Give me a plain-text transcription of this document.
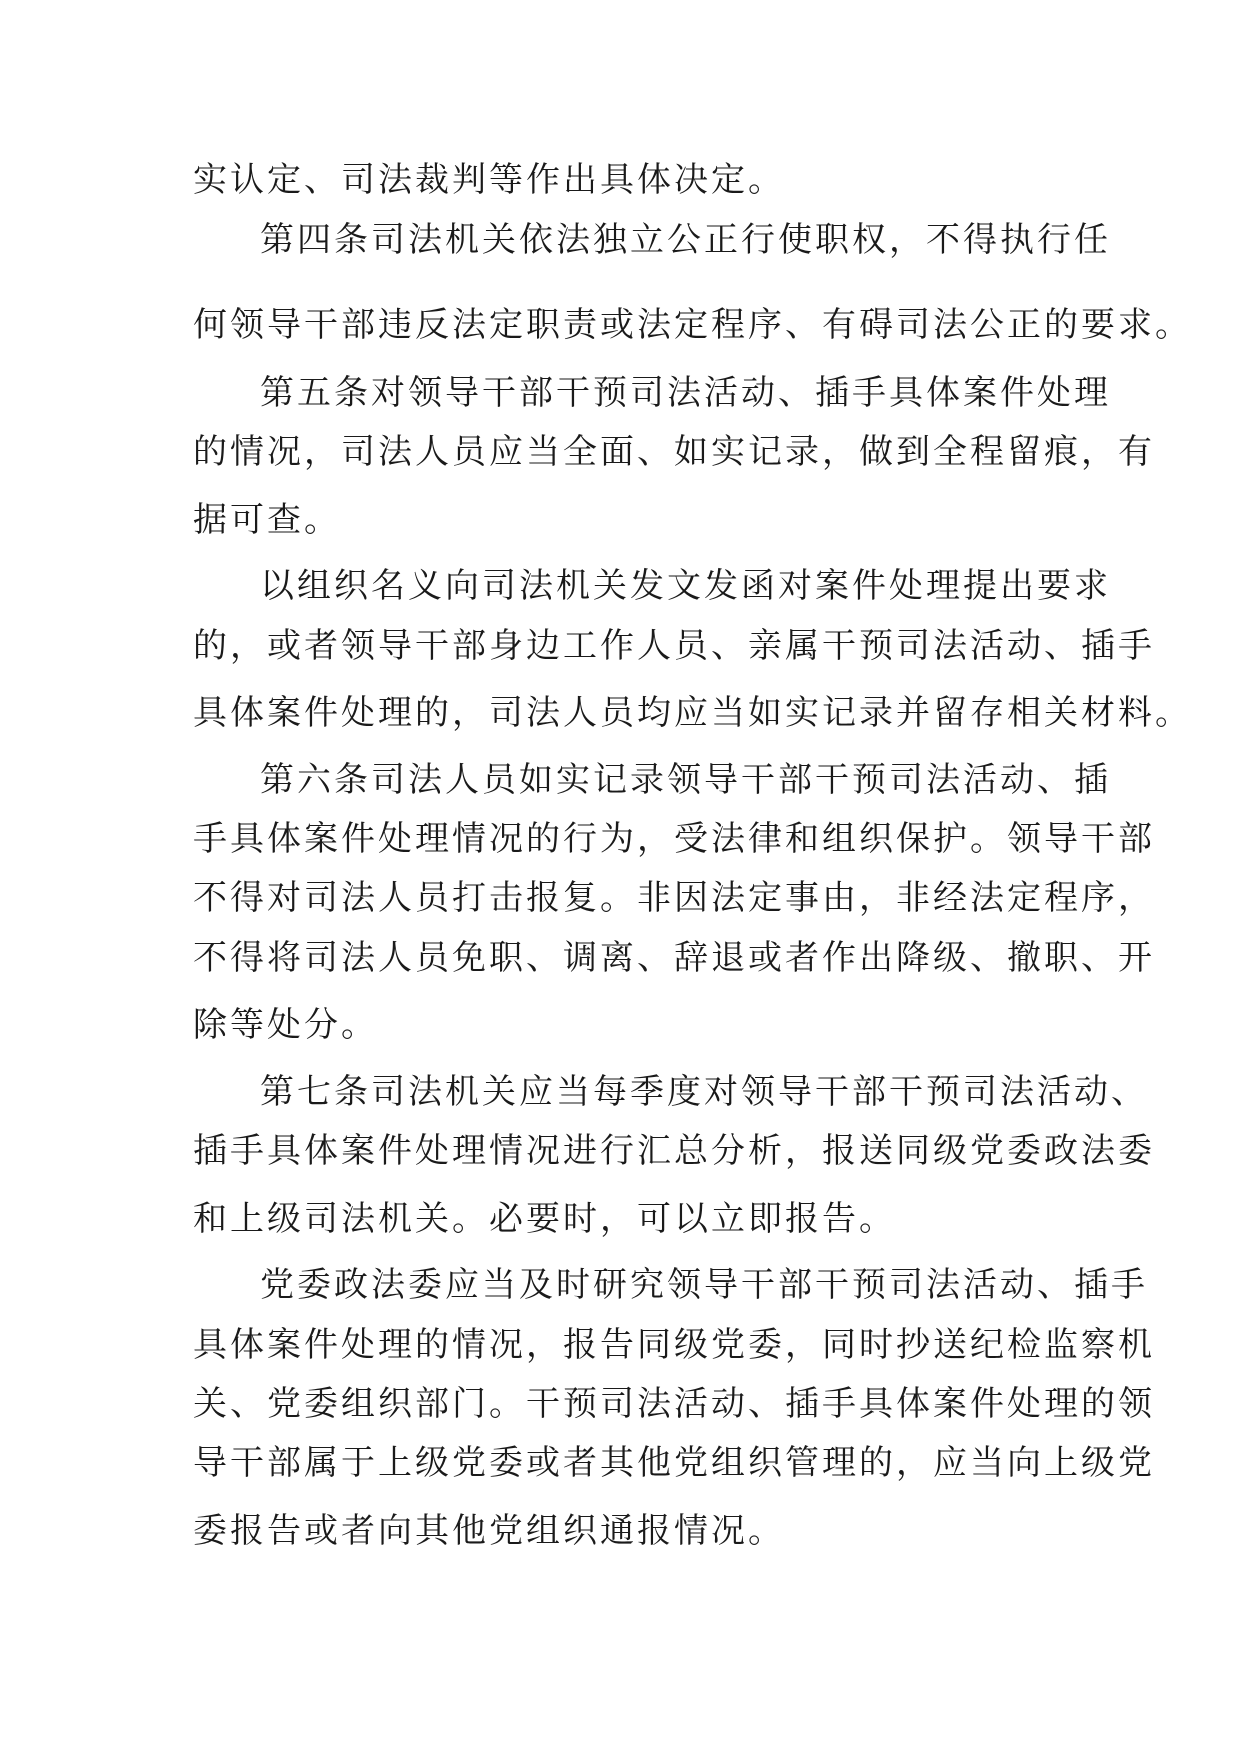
实认定、司法裁判等作出具体决定。
第四条司法机关依法独立公正行使职权，不得执行任
何领导干部违反法定职责或法定程序、有碍司法公正的要求。
第五条对领导干部干预司法活动、插手具体案件处理
的情况，司法人员应当全面、如实记录，做到全程留痕，有
据可查。
以组织名义向司法机关发文发函对案件处理提出要求
的，或者领导干部身边工作人员、亲属干预司法活动、插手
具体案件处理的，司法人员均应当如实记录并留存相关材料。
第六条司法人员如实记录领导干部干预司法活动、插
手具体案件处理情况的行为，受法律和组织保护。领导干部
不得对司法人员打击报复。非因法定事由，非经法定程序，
不得将司法人员免职、调离、辞退或者作出降级、撤职、开
除等处分。
第七条司法机关应当每季度对领导干部干预司法活动、
插手具体案件处理情况进行汇总分析，报送同级党委政法委
和上级司法机关。必要时，可以立即报告。
党委政法委应当及时研究领导干部干预司法活动、插手
具体案件处理的情况，报告同级党委，同时抄送纪检监察机
关、党委组织部门。干预司法活动、插手具体案件处理的领
导干部属于上级党委或者其他党组织管理的，应当向上级党
委报告或者向其他党组织通报情况。
